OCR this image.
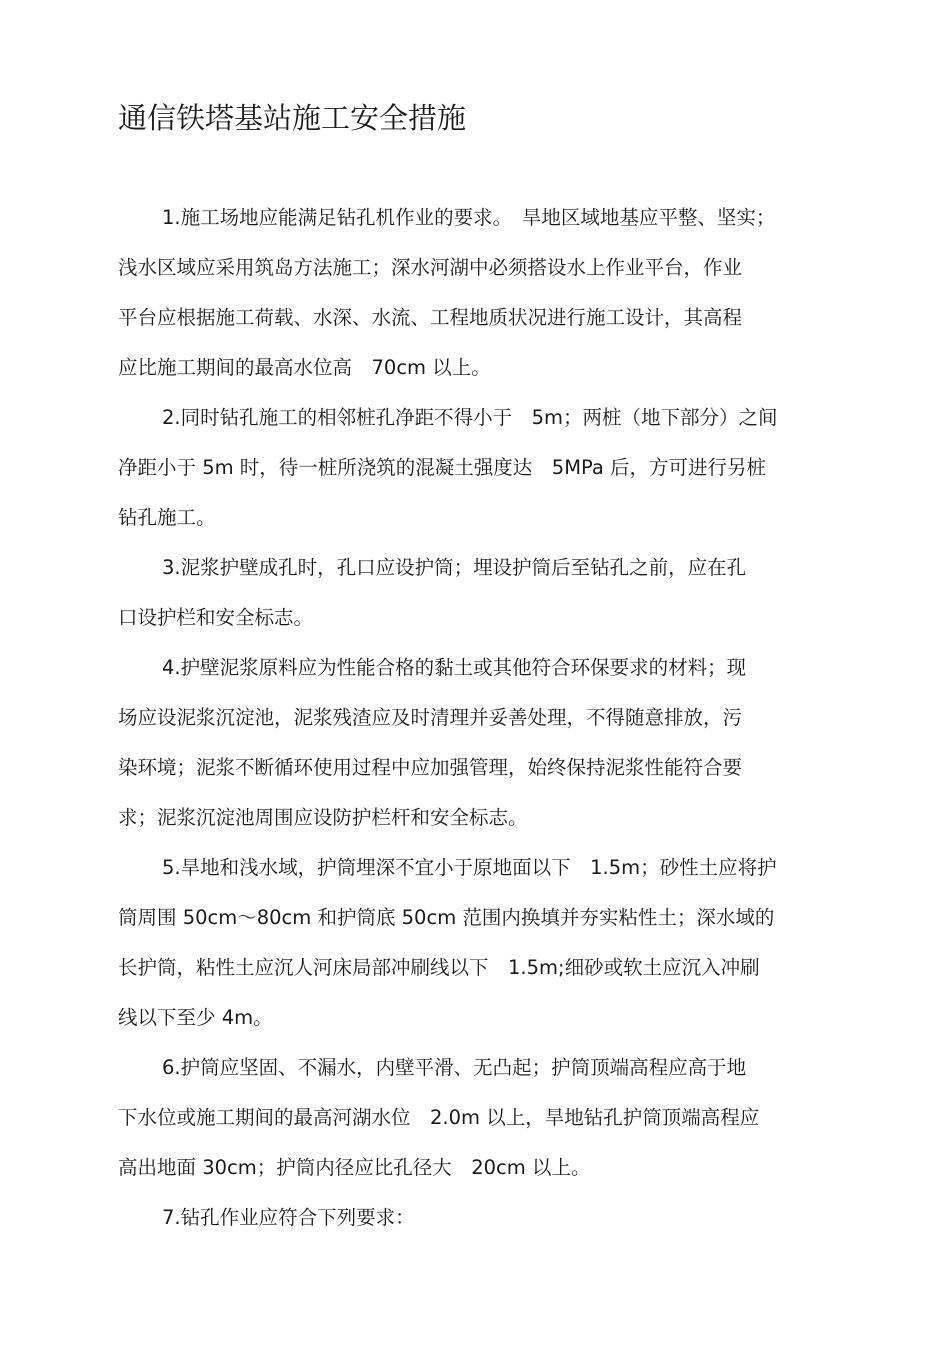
通信铁塔基站施工安全措施
1.施工场地应能满足钻孔机作业的要求。　旱地区域地基应平整、坚实；
浅水区域应采用筑岛方法施工；深水河湖中必须搭设水上作业平台，作业
平台应根据施工荷载、水深、水流、工程地质状况进行施工设计，其高程
应比施工期间的最高水位高　70cm 以上。
2.同时钻孔施工的相邻桩孔净距不得小于　5m；两桩（地下部分）之间
净距小于 5m 时，待一桩所浇筑的混凝土强度达　5MPa 后，方可进行另桩
钻孔施工。
3.泥浆护壁成孔时，孔口应设护筒；埋设护筒后至钻孔之前，应在孔
口设护栏和安全标志。
4.护壁泥浆原料应为性能合格的黏土或其他符合环保要求的材料；现
场应设泥浆沉淀池，泥浆残渣应及时清理并妥善处理，不得随意排放，污
染环境；泥浆不断循环使用过程中应加强管理，始终保持泥浆性能符合要
求；泥浆沉淀池周围应设防护栏杆和安全标志。
5.旱地和浅水域，护筒埋深不宜小于原地面以下　1.5m；砂性土应将护
筒周围 50cm～80cm 和护筒底 50cm 范围内换填并夯实粘性土；深水域的
长护筒，粘性土应沉人河床局部冲刷线以下　1.5m;细砂或软土应沉入冲刷
线以下至少 4m。
6.护筒应坚固、不漏水，内壁平滑、无凸起；护筒顶端高程应高于地
下水位或施工期间的最高河湖水位　2.0m 以上，旱地钻孔护筒顶端高程应
高出地面 30cm；护筒内径应比孔径大　20cm 以上。
7.钻孔作业应符合下列要求：
